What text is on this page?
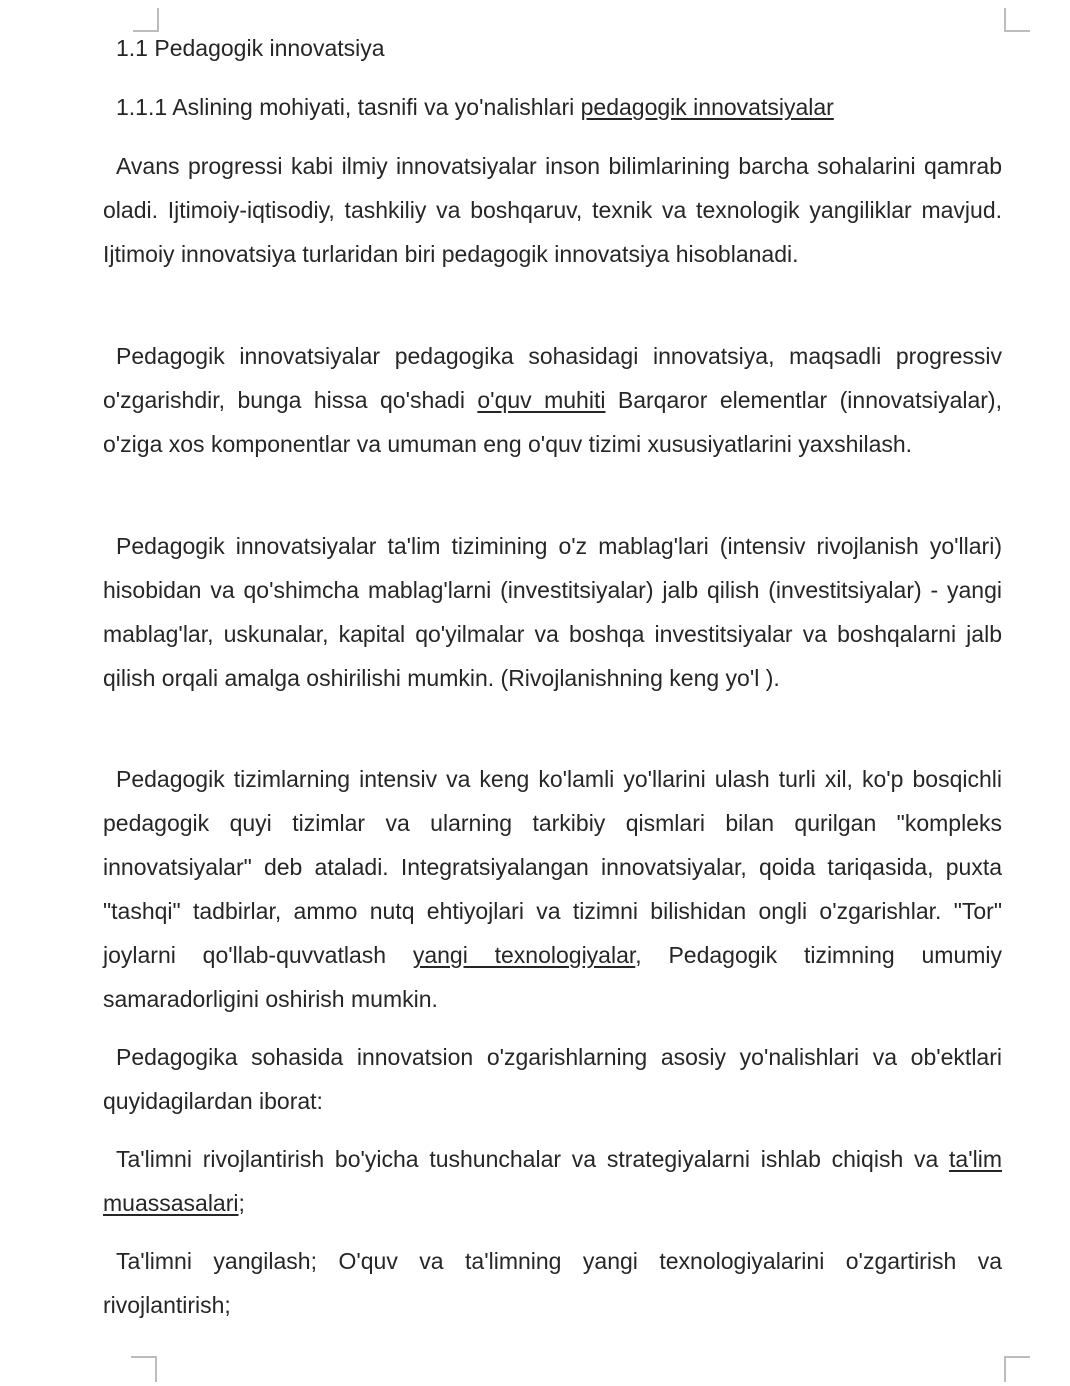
1.1 Pedagogik innovatsiya
1.1.1 Aslining mohiyati, tasnifi va yo'nalishlari pedagogik innovatsiyalar

Avans progressi kabi ilmiy innovatsiyalar inson bilimlarining barcha sohalarini qamrab oladi. Ijtimoiy-iqtisodiy, tashkiliy va boshqaruv, texnik va texnologik yangiliklar mavjud. Ijtimoiy innovatsiya turlaridan biri pedagogik innovatsiya hisoblanadi.

Pedagogik innovatsiyalar pedagogika sohasidagi innovatsiya, maqsadli progressiv o'zgarishdir, bunga hissa qo'shadi o'quv muhiti Barqaror elementlar (innovatsiyalar), o'ziga xos komponentlar va umuman eng o'quv tizimi xususiyatlarini yaxshilash.

Pedagogik innovatsiyalar ta'lim tizimining o'z mablag'lari (intensiv rivojlanish yo'llari) hisobidan va qo'shimcha mablag'larni (investitsiyalar) jalb qilish (investitsiyalar) - yangi mablag'lar, uskunalar, kapital qo'yilmalar va boshqa investitsiyalar va boshqalarni jalb qilish orqali amalga oshirilishi mumkin. (Rivojlanishning keng yo'l ).

Pedagogik tizimlarning intensiv va keng ko'lamli yo'llarini ulash turli xil, ko'p bosqichli pedagogik quyi tizimlar va ularning tarkibiy qismlari bilan qurilgan "kompleks innovatsiyalar" deb ataladi. Integratsiyalangan innovatsiyalar, qoida tariqasida, puxta "tashqi" tadbirlar, ammo nutq ehtiyojlari va tizimni bilishidan ongli o'zgarishlar. "Tor" joylarni qo'llab-quvvatlash yangi texnologiyalar, Pedagogik tizimning umumiy samaradorligini oshirish mumkin.

Pedagogika sohasida innovatsion o'zgarishlarning asosiy yo'nalishlari va ob'ektlari quyidagilardan iborat:

Ta'limni rivojlantirish bo'yicha tushunchalar va strategiyalarni ishlab chiqish va ta'lim muassasalari;

Ta'limni yangilash; O'quv va ta'limning yangi texnologiyalarini o'zgartirish va rivojlantirish;
